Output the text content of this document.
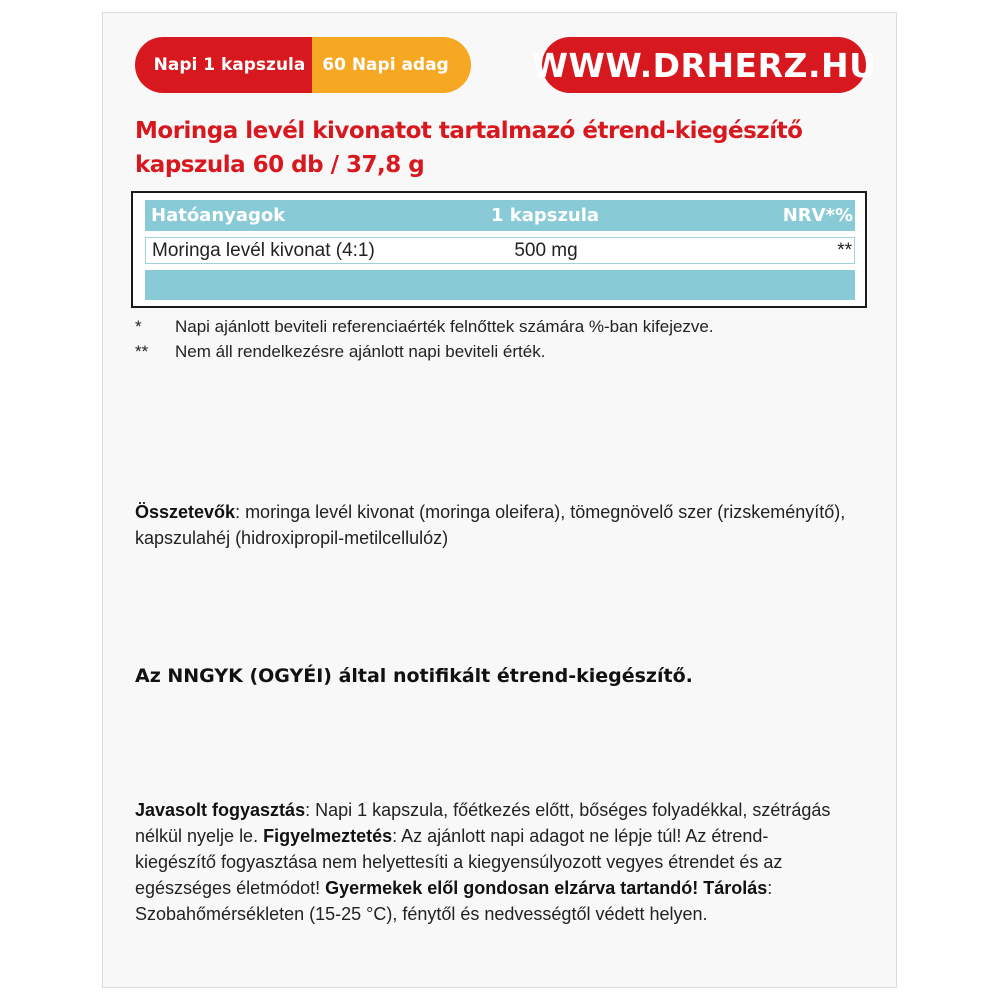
Napi 1 kapszula 60 Napi adag	WWW.DRHERZ.HU
Moringa levél kivonatot tartalmazó étrend-kiegészítő
kapszula 60 db / 37,8 g
Hatóanyagok	1 kapszula	NRV*%
Moringa levél kivonat (4:1)	500 mg	**
*	Napi ajánlott beviteli referenciaérték felnőttek számára %-ban kifejezve.
**	Nem áll rendelkezésre ajánlott napi beviteli érték.
Összetevők: moringa levél kivonat (moringa oleifera), tömegnövelő szer (rizskeményítő), kapszulahéj (hidroxipropil-metilcellulóz)
Az NNGYK (OGYÉI) által notifikált étrend-kiegészítő.
Javasolt fogyasztás: Napi 1 kapszula, főétkezés előtt, bőséges folyadékkal, szétrágás nélkül nyelje le. Figyelmeztetés: Az ajánlott napi adagot ne lépje túl! Az étrend-kiegészítő fogyasztása nem helyettesíti a kiegyensúlyozott vegyes étrendet és az egészséges életmódot! Gyermekek elől gondosan elzárva tartandó! Tárolás: Szobahőmérsékleten (15-25 °C), fénytől és nedvességtől védett helyen.
